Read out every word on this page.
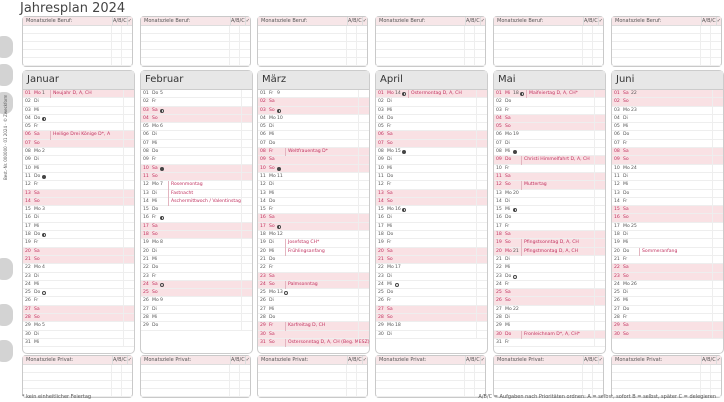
Jahresplan 2024
Best.-Nr. 000000 · 01 2024 · © Zweckform
Monatsziele Beruf:	A/B/C ✓
Januar
01 Mo 1	Neujahr D, A, CH
02 Di
03 Mi
04 Do
05 Fr
06 Sa	Heilige Drei Könige D*, A
07 So
08 Mo 2
09 Di
10 Mi
11 Do
12 Fr
13 Sa
14 So
15 Mo 3
16 Di
17 Mi
18 Do
19 Fr
20 Sa
21 So
22 Mo 4
23 Di
24 Mi
25 Do
26 Fr
27 Sa
28 So
29 Mo 5
30 Di
31 Mi
Monatsziele Privat:	A/B/C ✓
Monatsziele Beruf:	A/B/C ✓
Februar
01 Do 5
02 Fr
03 Sa
04 So
05 Mo 6
06 Di
07 Mi
08 Do
09 Fr
10 Sa
11 So
12 Mo 7	Rosenmontag
13 Di	Fastnacht
14 Mi	Aschermittwoch / Valentinstag
15 Do
16 Fr
17 Sa
18 So
19 Mo 8
20 Di
21 Mi
22 Do
23 Fr
24 Sa
25 So
26 Mo 9
27 Di
28 Mi
29 Do
Monatsziele Privat:	A/B/C ✓
Monatsziele Beruf:	A/B/C ✓
März
01 Fr 9
02 Sa
03 So
04 Mo 10
05 Di
06 Mi
07 Do
08 Fr	Weltfrauentag D*
09 Sa
10 So
11 Mo 11
12 Di
13 Mi
14 Do
15 Fr
16 Sa
17 So
18 Mo 12
19 Di	Josefstag CH*
20 Mi	Frühlingsanfang
21 Do
22 Fr
23 Sa
24 So	Palmsonntag
25 Mo 13
26 Di
27 Mi
28 Do
29 Fr	Karfreitag D, CH
30 Sa
31 So	Ostersonntag D, A, CH (Beg. MESZ)
Monatsziele Privat:	A/B/C ✓
Monatsziele Beruf:	A/B/C ✓
April
01 Mo 14	Ostermontag D, A, CH
02 Di
03 Mi
04 Do
05 Fr
06 Sa
07 So
08 Mo 15
09 Di
10 Mi
11 Do
12 Fr
13 Sa
14 So
15 Mo 16
16 Di
17 Mi
18 Do
19 Fr
20 Sa
21 So
22 Mo 17
23 Di
24 Mi
25 Do
26 Fr
27 Sa
28 So
29 Mo 18
30 Di
Monatsziele Privat:	A/B/C ✓
Monatsziele Beruf:	A/B/C ✓
Mai
01 Mi 18	Maifeiertag D, A, CH*
02 Do
03 Fr
04 Sa
05 So
06 Mo 19
07 Di
08 Mi
09 Do	Christi Himmelfahrt D, A, CH
10 Fr
11 Sa
12 So	Muttertag
13 Mo 20
14 Di
15 Mi
16 Do
17 Fr
18 Sa
19 So	Pfingstsonntag D, A, CH
20 Mo 21	Pfingstmontag D, A, CH
21 Di
22 Mi
23 Do
24 Fr
25 Sa
26 So
27 Mo 22
28 Di
29 Mi
30 Do	Fronleichnam D*, A, CH*
31 Fr
Monatsziele Privat:	A/B/C ✓
Monatsziele Beruf:	A/B/C ✓
Juni
01 Sa 22
02 So
03 Mo 23
04 Di
05 Mi
06 Do
07 Fr
08 Sa
09 So
10 Mo 24
11 Di
12 Mi
13 Do
14 Fr
15 Sa
16 So
17 Mo 25
18 Di
19 Mi
20 Do	Sommeranfang
21 Fr
22 Sa
23 So
24 Mo 26
25 Di
26 Mi
27 Do
28 Fr
29 Sa
30 So
Monatsziele Privat:	A/B/C ✓
* kein einheitlicher Feiertag	A/B/C = Aufgaben nach Prioritäten ordnen: A = selbst, sofort B = selbst, später C = delegieren
